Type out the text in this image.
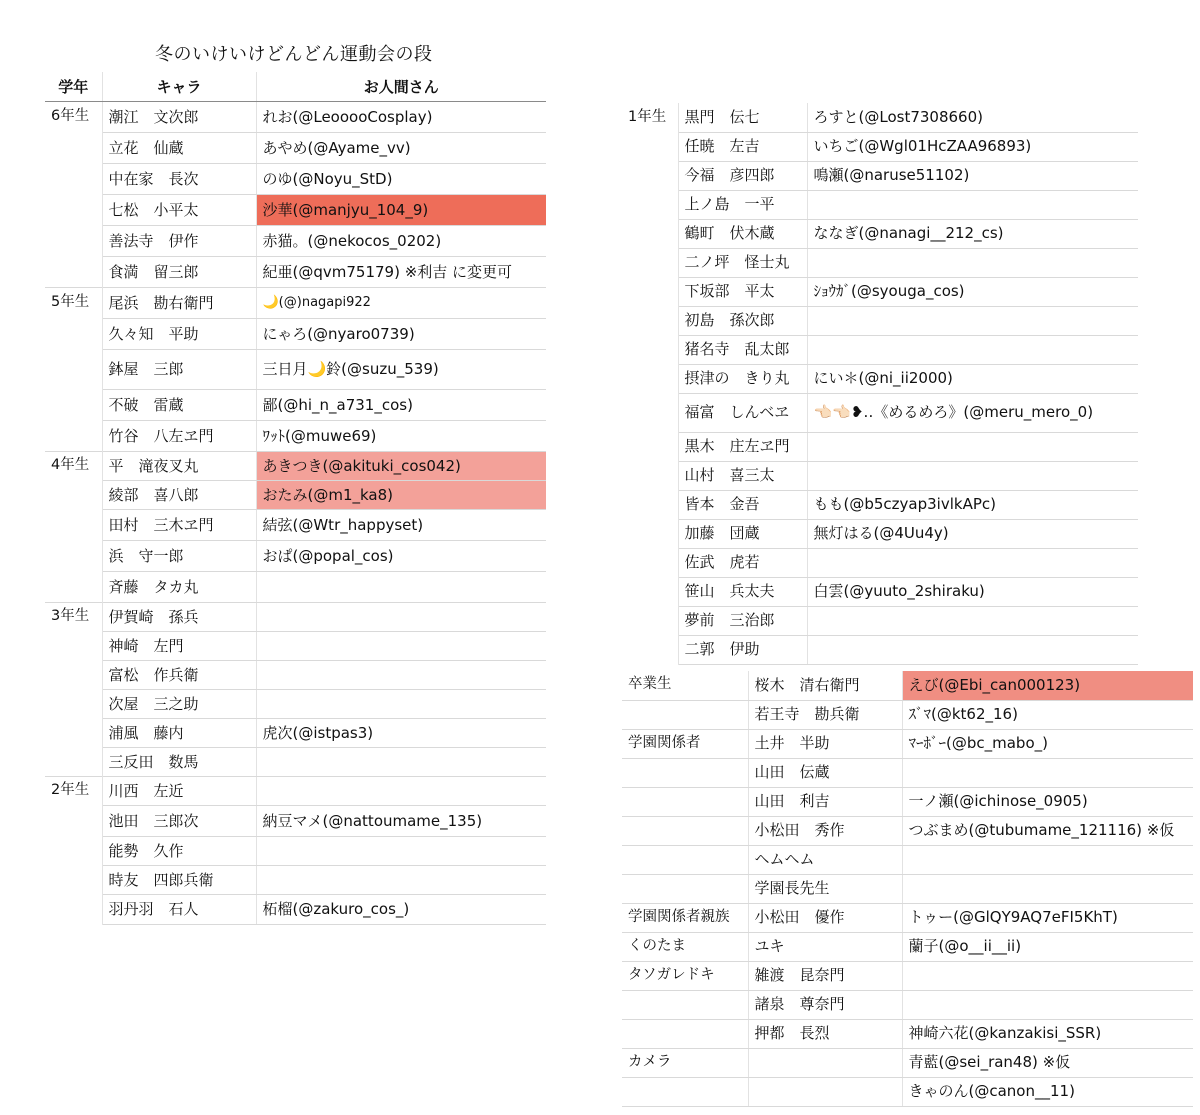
冬のいけいけどんどん運動会の段
学年	キャラ	お人間さん
6年生	潮江　文次郎	れお(@LeooooCosplay)
	立花　仙蔵	あやめ(@Ayame_vv)
	中在家　長次	のゆ(@Noyu_StD)
	七松　小平太	沙華(@manjyu_104_9)
	善法寺　伊作	赤猫。(@nekocos_0202)
	食満　留三郎	紀亜(@qvm75179) ※利吉 に変更可
5年生	尾浜　勘右衛門	🌙(@)nagapi922
	久々知　平助	にゃろ(@nyaro0739)
	鉢屋　三郎	三日月🌙鈴(@suzu_539)
	不破　雷蔵	鄙(@hi_n_a731_cos)
	竹谷　八左ヱ門	ﾜｯﾄ(@muwe69)
4年生	平　滝夜叉丸	あきつき(@akituki_cos042)
	綾部　喜八郎	おたみ(@m1_ka8)
	田村　三木ヱ門	結弦(@Wtr_happyset)
	浜　守一郎	おぱ(@popal_cos)
	斉藤　タカ丸	
3年生	伊賀崎　孫兵	
	神崎　左門	
	富松　作兵衛	
	次屋　三之助	
	浦風　藤内	虎次(@istpas3)
	三反田　数馬	
2年生	川西　左近	
	池田　三郎次	納豆マメ(@nattoumame_135)
	能勢　久作	
	時友　四郎兵衛	
	羽丹羽　石人	柘榴(@zakuro_cos_)
1年生	黒門　伝七	ろすと(@Lost7308660)
	任暁　左吉	いちご(@Wgl01HcZAA96893)
	今福　彦四郎	鳴瀬(@naruse51102)
	上ノ島　一平	
	鶴町　伏木蔵	ななぎ(@nanagi__212_cs)
	二ノ坪　怪士丸	
	下坂部　平太	ｼｮｳｶﾞ(@syouga_cos)
	初島　孫次郎	
	猪名寺　乱太郎	
	摂津の　きり丸	にい＊(@ni_ii2000)
	福富　しんベヱ	👈🏻👈🏻❥‥《めるめろ》(@meru_mero_0)
	黒木　庄左ヱ門	
	山村　喜三太	
	皆本　金吾	もも(@b5czyap3ivlkAPc)
	加藤　団蔵	無灯はる(@4Uu4y)
	佐武　虎若	
	笹山　兵太夫	白雲(@yuuto_2shiraku)
	夢前　三治郎	
	二郭　伊助	
卒業生	桜木　清右衛門	えび(@Ebi_can000123)
	若王寺　勘兵衛	ｽﾞﾏ(@kt62_16)
学園関係者	土井　半助	ﾏｰﾎﾞｰ(@bc_mabo_)
	山田　伝蔵	
	山田　利吉	一ノ瀬(@ichinose_0905)
	小松田　秀作	つぶまめ(@tubumame_121116) ※仮
	ヘムヘム	
	学園長先生	
学園関係者親族	小松田　優作	トゥー(@GlQY9AQ7eFI5KhT)
くのたま	ユキ	蘭子(@o__ii__ii)
タソガレドキ	雑渡　昆奈門	
	諸泉　尊奈門	
	押都　長烈	神崎六花(@kanzakisi_SSR)
カメラ		青藍(@sei_ran48) ※仮
		きゃのん(@canon__11)
